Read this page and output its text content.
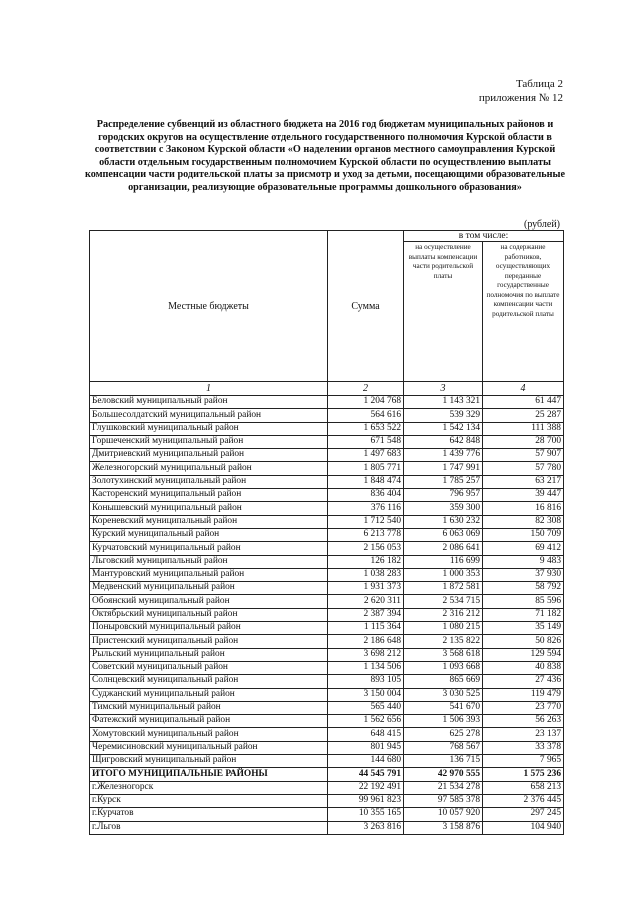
Таблица 2
приложения № 12
Распределение субвенций из областного бюджета на 2016 год бюджетам муниципальных районов и городских округов на осуществление отдельного государственного полномочия Курской области в соответствии с Законом Курской области «О наделении органов местного самоуправления Курской области отдельным государственным полномочием Курской области по осуществлению выплаты компенсации части родительской платы за присмотр и уход за детьми, посещающими образовательные организации, реализующие образовательные программы дошкольного образования»
(рублей)
Местные бюджеты	Сумма	в том числе:	
		на осуществление выплаты компенсации части родительской платы	на содержание работников, осуществляющих переданные государственные полномочия по выплате компенсации части родительской платы
1	2	3	4
Беловский муниципальный район	1 204 768	1 143 321	61 447
Большесолдатский муниципальный район	564 616	539 329	25 287
Глушковский муниципальный район	1 653 522	1 542 134	111 388
Горшеченский муниципальный район	671 548	642 848	28 700
Дмитриевский муниципальный район	1 497 683	1 439 776	57 907
Железногорский муниципальный район	1 805 771	1 747 991	57 780
Золотухинский муниципальный район	1 848 474	1 785 257	63 217
Касторенский муниципальный район	836 404	796 957	39 447
Конышевский муниципальный район	376 116	359 300	16 816
Кореневский муниципальный район	1 712 540	1 630 232	82 308
Курский муниципальный район	6 213 778	6 063 069	150 709
Курчатовский муниципальный район	2 156 053	2 086 641	69 412
Льговский муниципальный район	126 182	116 699	9 483
Мантуровский муниципальный район	1 038 283	1 000 353	37 930
Медвенский муниципальный район	1 931 373	1 872 581	58 792
Обоянский муниципальный район	2 620 311	2 534 715	85 596
Октябрьский муниципальный район	2 387 394	2 316 212	71 182
Поныровский муниципальный район	1 115 364	1 080 215	35 149
Пристенский муниципальный район	2 186 648	2 135 822	50 826
Рыльский муниципальный район	3 698 212	3 568 618	129 594
Советский муниципальный район	1 134 506	1 093 668	40 838
Солнцевский муниципальный район	893 105	865 669	27 436
Суджанский муниципальный район	3 150 004	3 030 525	119 479
Тимский муниципальный район	565 440	541 670	23 770
Фатежский муниципальный район	1 562 656	1 506 393	56 263
Хомутовский муниципальный район	648 415	625 278	23 137
Черемисиновский муниципальный район	801 945	768 567	33 378
Щигровский муниципальный район	144 680	136 715	7 965
ИТОГО МУНИЦИПАЛЬНЫЕ РАЙОНЫ	44 545 791	42 970 555	1 575 236
г.Железногорск	22 192 491	21 534 278	658 213
г.Курск	99 961 823	97 585 378	2 376 445
г.Курчатов	10 355 165	10 057 920	297 245
г.Льгов	3 263 816	3 158 876	104 940
